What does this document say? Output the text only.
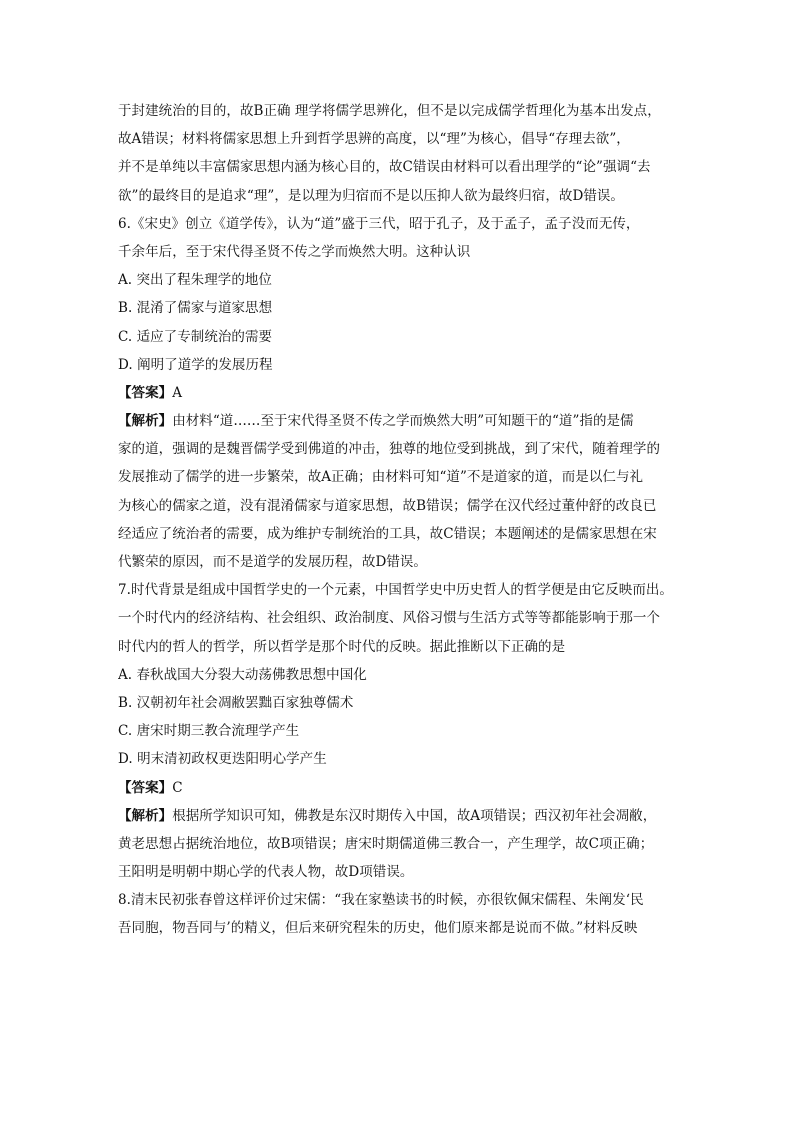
于封建统治的目的，故B正确 理学将儒学思辨化，但不是以完成儒学哲理化为基本出发点，
故A错误；材料将儒家思想上升到哲学思辨的高度，以“理”为核心，倡导“存理去欲”，
并不是单纯以丰富儒家思想内涵为核心目的，故C错误由材料可以看出理学的“论”强调“去
欲”的最终目的是追求“理”，是以理为归宿而不是以压抑人欲为最终归宿，故D错误。
6.《宋史》创立《道学传》，认为“道”盛于三代，昭于孔子，及于孟子，孟子没而无传，
千余年后，至于宋代得圣贤不传之学而焕然大明。这种认识
A. 突出了程朱理学的地位
B. 混淆了儒家与道家思想
C. 适应了专制统治的需要
D. 阐明了道学的发展历程
【答案】A
【解析】由材料“道……至于宋代得圣贤不传之学而焕然大明”可知题干的“道”指的是儒
家的道，强调的是魏晋儒学受到佛道的冲击，独尊的地位受到挑战，到了宋代，随着理学的
发展推动了儒学的进一步繁荣，故A正确；由材料可知“道”不是道家的道，而是以仁与礼
为核心的儒家之道，没有混淆儒家与道家思想，故B错误；儒学在汉代经过董仲舒的改良已
经适应了统治者的需要，成为维护专制统治的工具，故C错误；本题阐述的是儒家思想在宋
代繁荣的原因，而不是道学的发展历程，故D错误。
7.时代背景是组成中国哲学史的一个元素，中国哲学史中历史哲人的哲学便是由它反映而出。
一个时代内的经济结构、社会组织、政治制度、风俗习惯与生活方式等等都能影响于那一个
时代内的哲人的哲学，所以哲学是那个时代的反映。据此推断以下正确的是
A. 春秋战国大分裂大动荡佛教思想中国化
B. 汉朝初年社会凋敝罢黜百家独尊儒术
C. 唐宋时期三教合流理学产生
D. 明末清初政权更迭阳明心学产生
【答案】C
【解析】根据所学知识可知，佛教是东汉时期传入中国，故A项错误；西汉初年社会凋敝，
黄老思想占据统治地位，故B项错误；唐宋时期儒道佛三教合一，产生理学，故C项正确；
王阳明是明朝中期心学的代表人物，故D项错误。
8.清末民初张春曾这样评价过宋儒：“我在家塾读书的时候，亦很钦佩宋儒程、朱阐发‘民
吾同胞，物吾同与’的精义，但后来研究程朱的历史，他们原来都是说而不做。”材料反映
